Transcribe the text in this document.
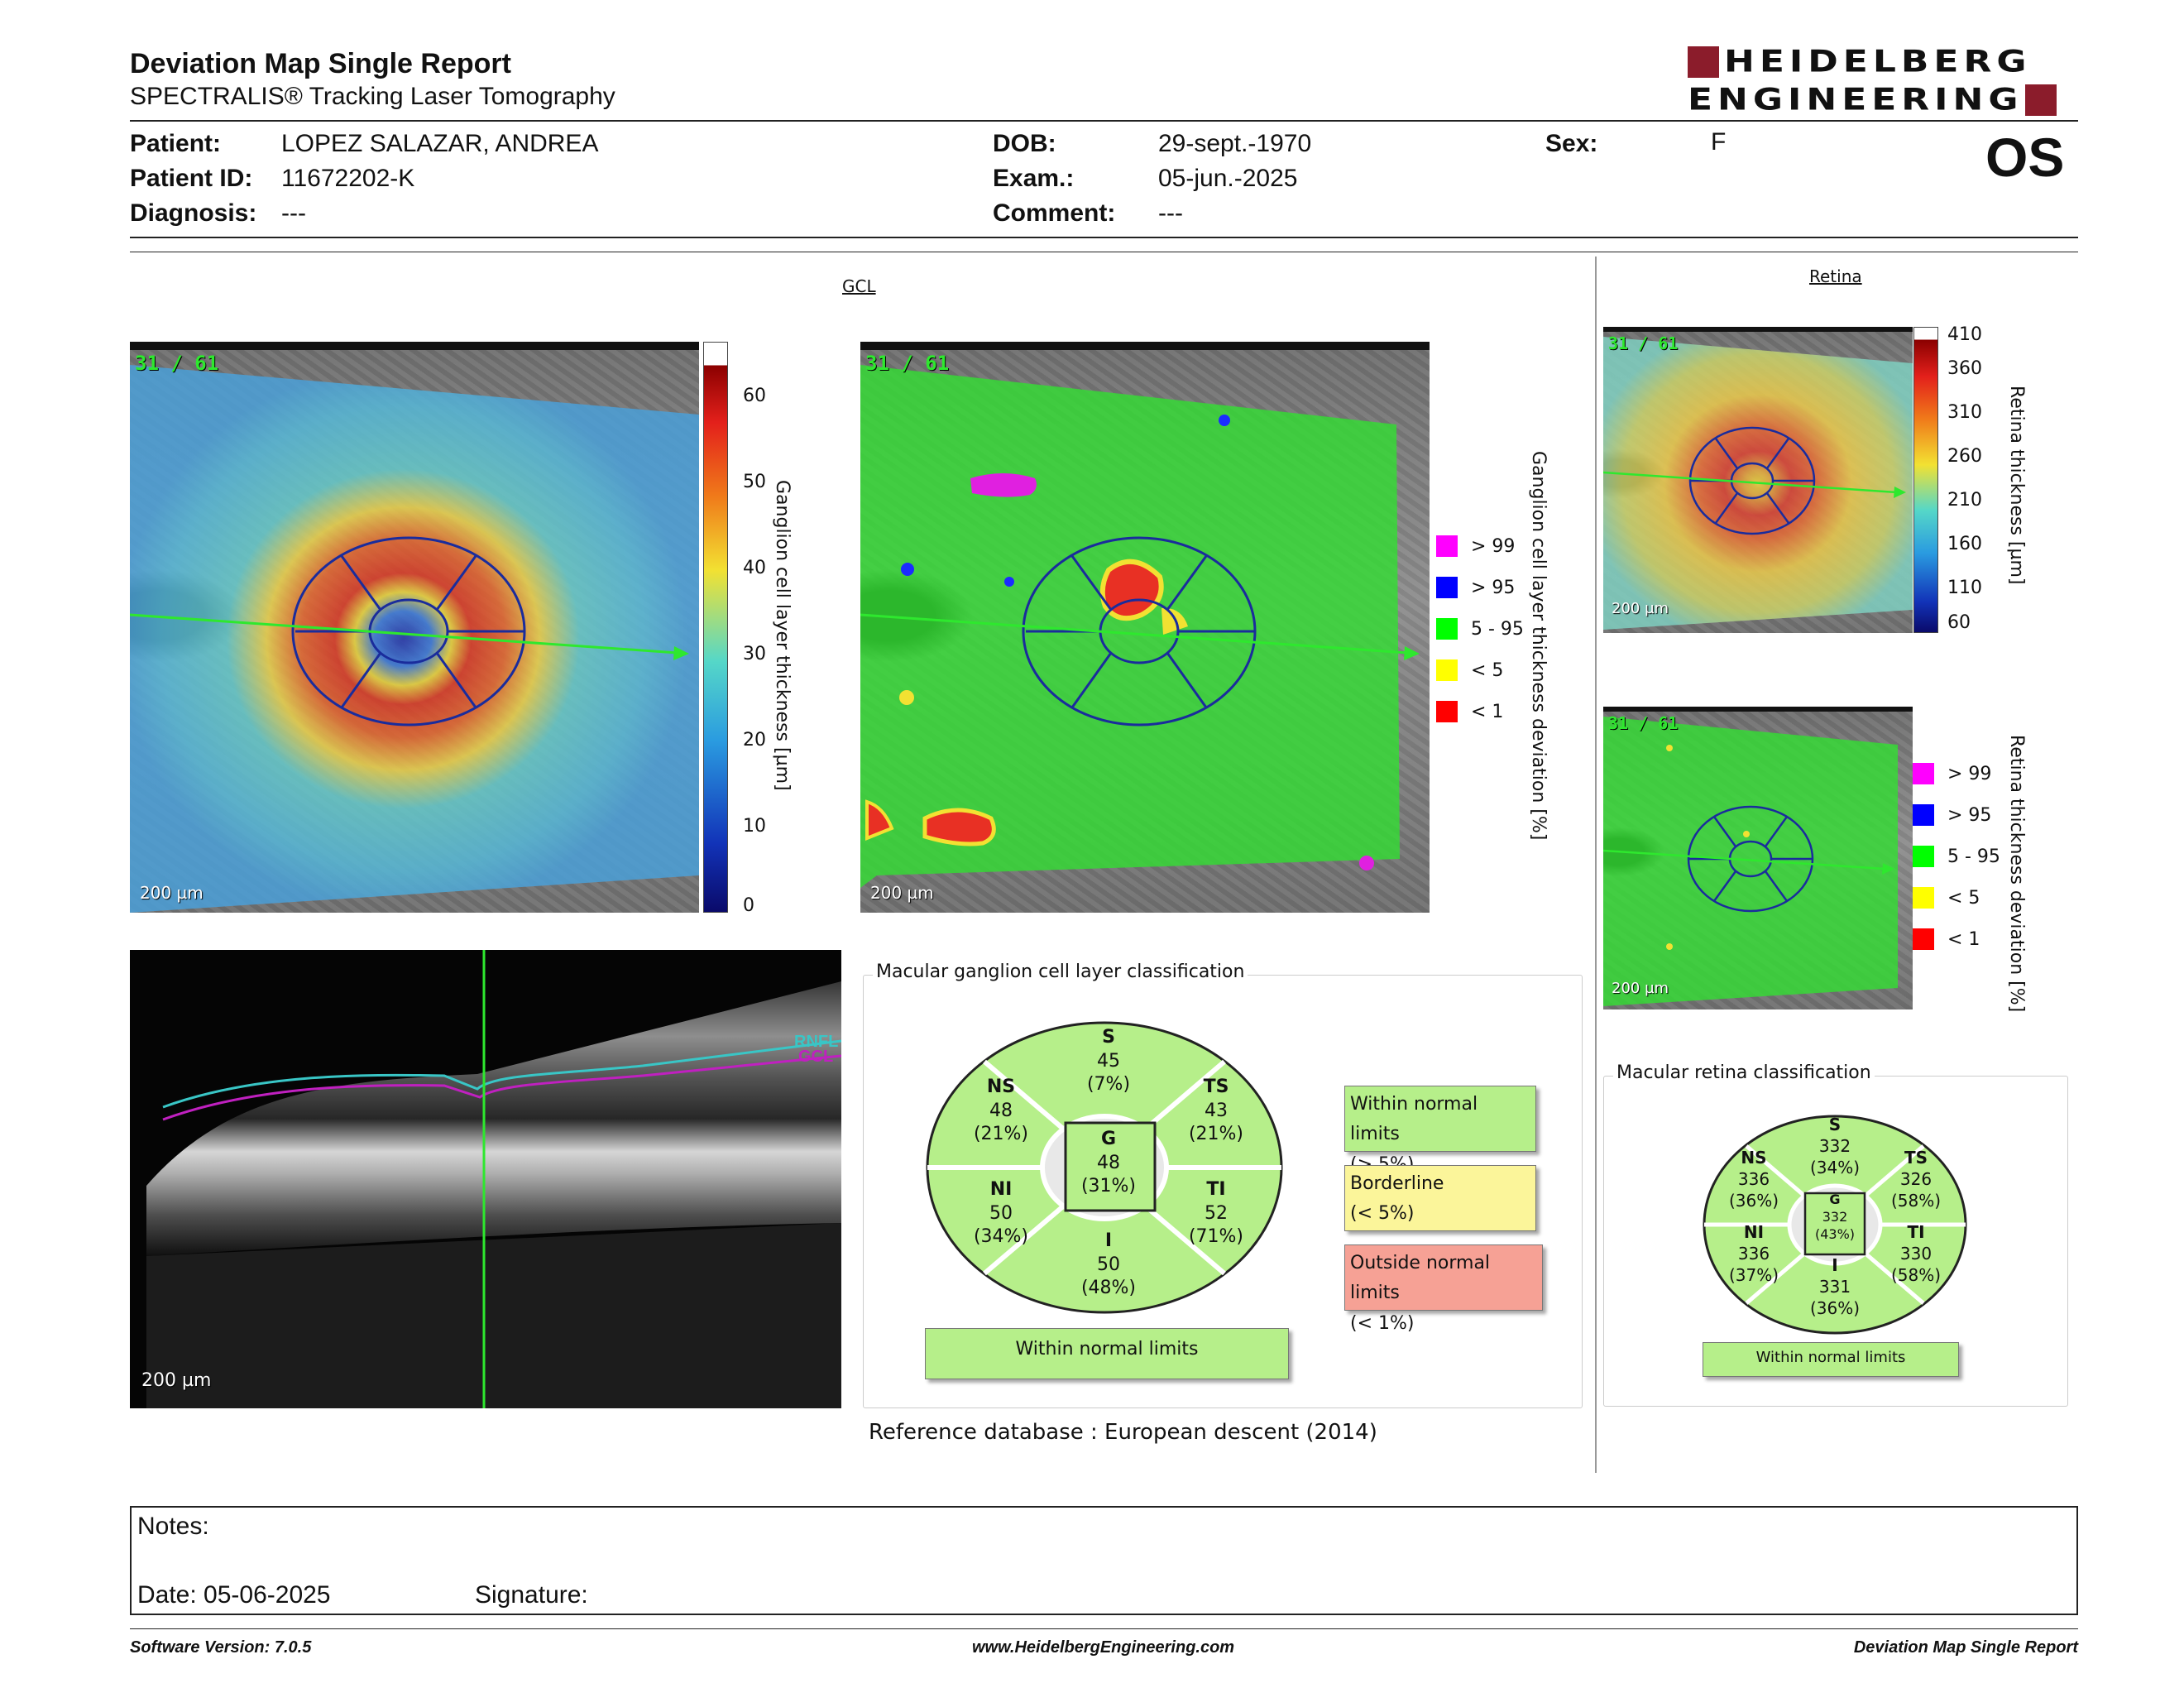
Deviation Map Single Report
SPECTRALIS® Tracking Laser Tomography
HEIDELBERG
ENGINEERING
Patient: LOPEZ SALAZAR, ANDREA
Patient ID: 11672202-K
Diagnosis: ---
DOB:	29-sept.-1970
Exam.:	05-jun.-2025
Comment: ---
Sex:	F	OS
GCL
31 / 61
200 µm
60
50
40
30
20
10
0
Ganglion cell layer thickness [µm]
31 / 61
200 µm
> 99
> 95
5 - 95
< 5
< 1 Ganglion cell layer thickness deviation [%]
RNFL
GCL
200 µm
Macular ganglion cell layer classification
S
45
(7%)
NS
48
(21%)
TS
43
(21%)
G
48
(31%)
NI
50
(34%)
TI
52
(71%)
I
50
(48%)
Within normal limits
Within normal limits
Borderline
(< 5%)
Outside normal limits
(< 1%)
Reference database : European descent (2014)
Retina
31 / 61
200 µm
410
360
310
260
210
160
110
60
Retina thickness [µm]
31 / 61
200 µm
> 99
> 95
5 - 95
< 5
< 1 Retina thickness deviation [%]
Macular retina classification
S
332
(34%)
NS
336
(36%)
TS
326
(58%)
G
332
(43%)
NI
336
(37%)
TI
330
(58%)
I
331
(36%)
Within normal limits
Notes:
Date: 05-06-2025	Signature:
Software Version: 7.0.5	www.HeidelbergEngineering.com	Deviation Map Single Report
